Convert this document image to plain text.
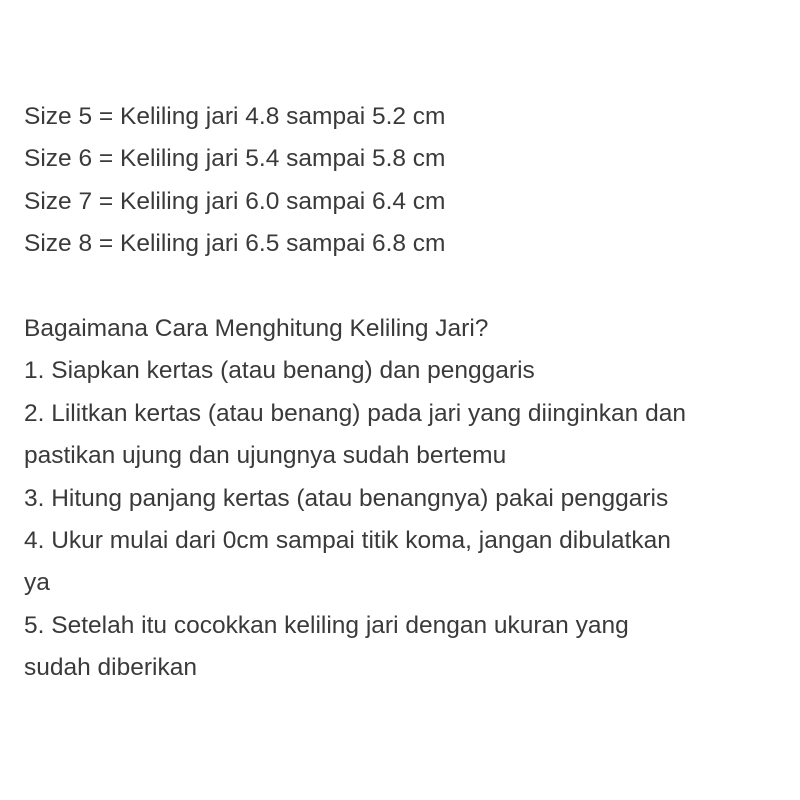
Size 5 = Keliling jari 4.8 sampai 5.2 cm

Size 6 = Keliling jari 5.4 sampai 5.8 cm

Size 7 = Keliling jari 6.0 sampai 6.4 cm

Size 8 = Keliling jari 6.5 sampai 6.8 cm

Bagaimana Cara Menghitung Keliling Jari?

1. Siapkan kertas (atau benang) dan penggaris

2. Lilitkan kertas (atau benang) pada jari yang diinginkan dan

pastikan ujung dan ujungnya sudah bertemu

3. Hitung panjang kertas (atau benangnya) pakai penggaris

4. Ukur mulai dari 0cm sampai titik koma, jangan dibulatkan

ya

5. Setelah itu cocokkan keliling jari dengan ukuran yang

sudah diberikan
